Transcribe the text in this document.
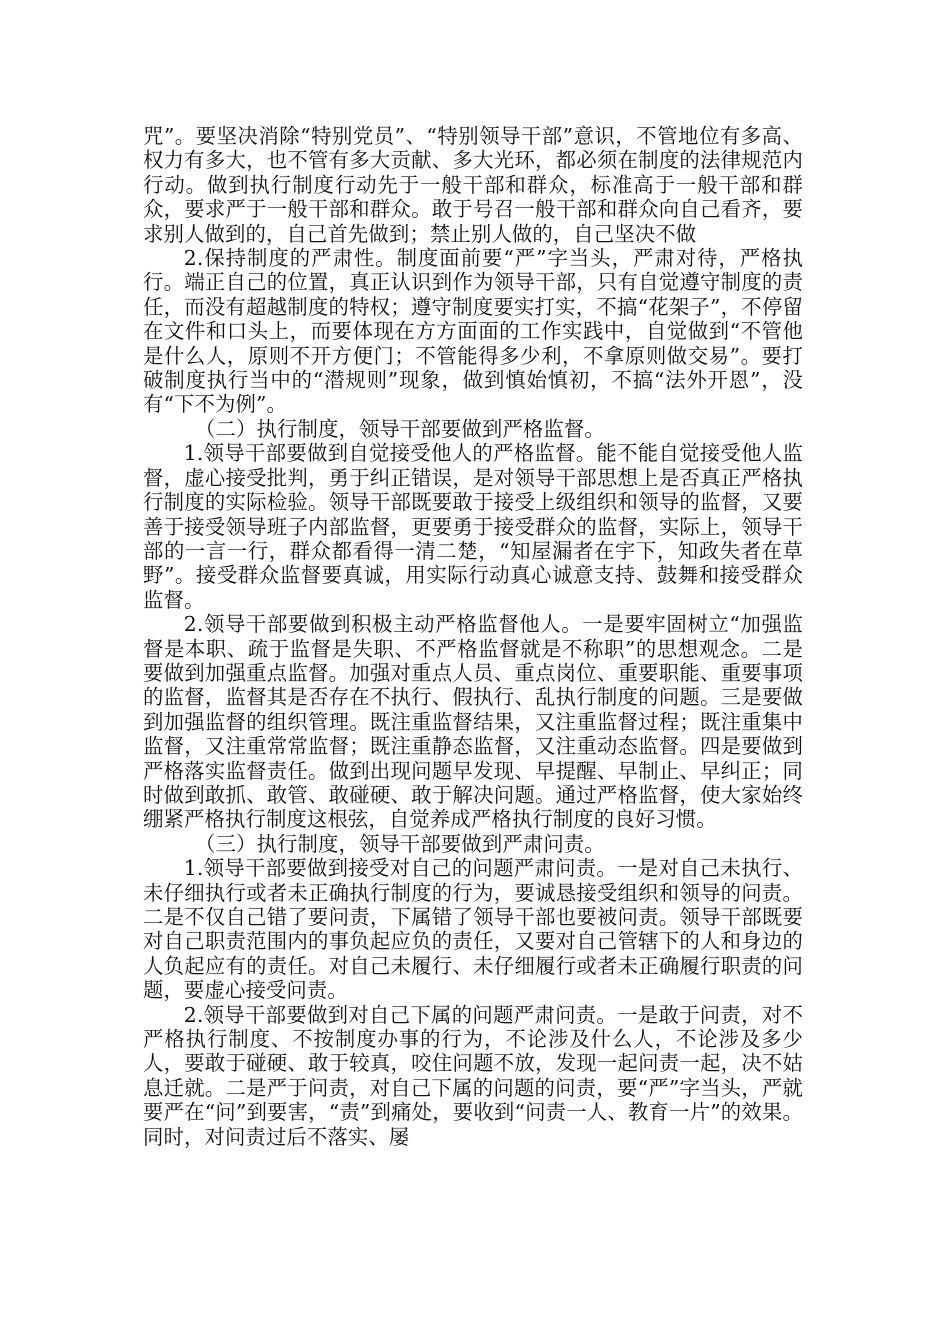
咒”。要坚决消除“特别党员”、“特别领导干部”意识，不管地位有多高、权力有多大，也不管有多大贡献、多大光环，都必须在制度的法律规范内行动。做到执行制度行动先于一般干部和群众，标准高于一般干部和群众，要求严于一般干部和群众。敢于号召一般干部和群众向自己看齐，要求别人做到的，自己首先做到；禁止别人做的，自己坚决不做

2.保持制度的严肃性。制度面前要“严”字当头，严肃对待，严格执行。端正自己的位置，真正认识到作为领导干部，只有自觉遵守制度的责任，而没有超越制度的特权；遵守制度要实打实，不搞“花架子”，不停留在文件和口头上，而要体现在方方面面的工作实践中，自觉做到“不管他是什么人，原则不开方便门；不管能得多少利，不拿原则做交易”。要打破制度执行当中的“潜规则”现象，做到慎始慎初，不搞“法外开恩”，没有“下不为例”。

（二）执行制度，领导干部要做到严格监督。

1.领导干部要做到自觉接受他人的严格监督。能不能自觉接受他人监督，虚心接受批判，勇于纠正错误，是对领导干部思想上是否真正严格执行制度的实际检验。领导干部既要敢于接受上级组织和领导的监督，又要善于接受领导班子内部监督，更要勇于接受群众的监督，实际上，领导干部的一言一行，群众都看得一清二楚，“知屋漏者在宇下，知政失者在草野”。接受群众监督要真诚，用实际行动真心诚意支持、鼓舞和接受群众监督。

2.领导干部要做到积极主动严格监督他人。一是要牢固树立“加强监督是本职、疏于监督是失职、不严格监督就是不称职”的思想观念。二是要做到加强重点监督。加强对重点人员、重点岗位、重要职能、重要事项的监督，监督其是否存在不执行、假执行、乱执行制度的问题。三是要做到加强监督的组织管理。既注重监督结果，又注重监督过程；既注重集中监督，又注重常常监督；既注重静态监督，又注重动态监督。四是要做到严格落实监督责任。做到出现问题早发现、早提醒、早制止、早纠正；同时做到敢抓、敢管、敢碰硬、敢于解决问题。通过严格监督，使大家始终绷紧严格执行制度这根弦，自觉养成严格执行制度的良好习惯。

（三）执行制度，领导干部要做到严肃问责。

1.领导干部要做到接受对自己的问题严肃问责。一是对自己未执行、未仔细执行或者未正确执行制度的行为，要诚恳接受组织和领导的问责。二是不仅自己错了要问责，下属错了领导干部也要被问责。领导干部既要对自己职责范围内的事负起应负的责任，又要对自己管辖下的人和身边的人负起应有的责任。对自己未履行、未仔细履行或者未正确履行职责的问题，要虚心接受问责。

2.领导干部要做到对自己下属的问题严肃问责。一是敢于问责，对不严格执行制度、不按制度办事的行为，不论涉及什么人，不论涉及多少人，要敢于碰硬、敢于较真，咬住问题不放，发现一起问责一起，决不姑息迁就。二是严于问责，对自己下属的问题的问责，要“严”字当头，严就要严在“问”到要害，“责”到痛处，要收到“问责一人、教育一片”的效果。同时，对问责过后不落实、屡
